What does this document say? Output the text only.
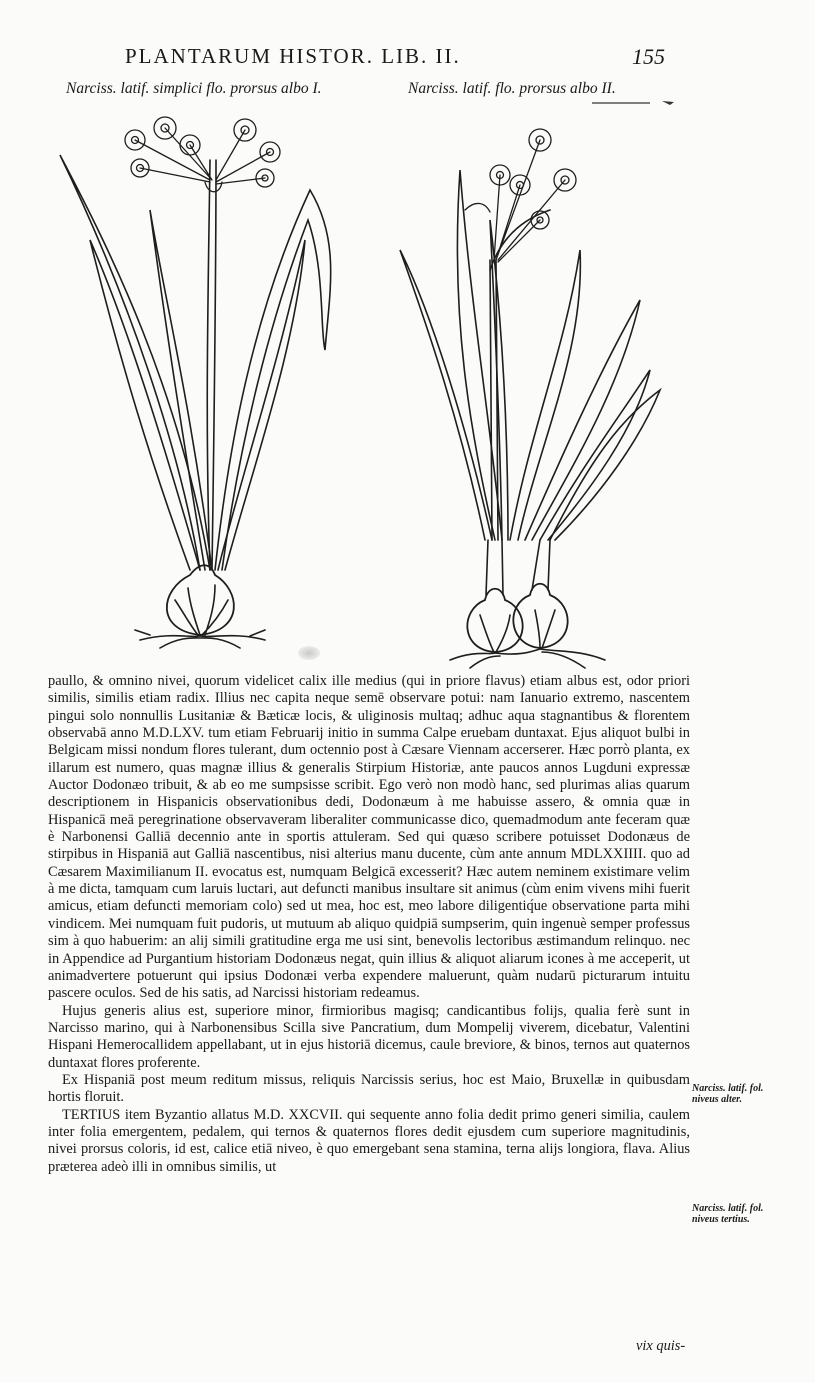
PLANTARUM HISTOR. LIB. II.	155
Narciss. latif. simplici flo. prorsus albo I.	Narciss. latif. flo. prorsus albo II.

paullo, & omnino nivei, quorum videlicet calix ille medius (qui in priore flavus) etiam albus est, odor priori similis, similis etiam radix. Illius nec capita neque semē observare potui: nam Ianuario extremo, nascentem pingui solo nonnullis Lusitaniæ & Bæticæ locis, & uliginosis multaq; adhuc aqua stagnantibus & florentem observabā anno M.D.LXV. tum etiam Februarij initio in summa Calpe eruebam duntaxat. Ejus aliquot bulbi in Belgicam missi nondum flores tulerant, dum octennio post à Cæsare Viennam accerserer. Hæc porrò planta, ex illarum est numero, quas magnæ illius & generalis Stirpium Historiæ, ante paucos annos Lugduni expressæ Auctor Dodonæo tribuit, & ab eo me sumpsisse scribit. Ego verò non modò hanc, sed plurimas alias quarum descriptionem in Hispanicis observationibus dedi, Dodonæum à me habuisse assero, & omnia quæ in Hispanicā meā peregrinatione observaveram liberaliter communicasse dico, quemadmodum ante feceram quæ è Narbonensi Galliā decennio ante in sportis attuleram. Sed qui quæso scribere potuisset Dodonæus de stirpibus in Hispaniā aut Galliā nascentibus, nisi alterius manu ducente, cùm ante annum MDLXXIIII. quo ad Cæsarem Maximilianum II. evocatus est, numquam Belgicā excesserit? Hæc autem neminem existimare velim à me dicta, tamquam cum laruis luctari, aut defuncti manibus insultare sit animus (cùm enim vivens mihi fuerit amicus, etiam defuncti memoriam colo) sed ut mea, hoc est, meo labore diligentiq́ue observatione parta mihi vindicem. Mei numquam fuit pudoris, ut mutuum ab aliquo quidpiā sumpserim, quin ingenuè semper professus sim à quo habuerim: an alij simili gratitudine erga me usi sint, benevolis lectoribus æstimandum relinquo. nec in Appendice ad Purgantium historiam Dodonæus negat, quin illius & aliquot aliarum icones à me acceperit, ut animadvertere potuerunt qui ipsius Dodonæi verba expendere maluerunt, quàm nudarū picturarum intuitu pascere oculos. Sed de his satis, ad Narcissi historiam redeamus.

Hujus generis alius est, superiore minor, firmioribus magisq; candicantibus folijs, qualia ferè sunt in Narcisso marino, qui à Narbonensibus Scilla sive Pancratium, dum Mompelij viverem, dicebatur, Valentini Hispani Hemerocallidem appellabant, ut in ejus historiā dicemus, caule breviore, & binos, ternos aut quaternos duntaxat flores proferente.

Ex Hispaniā post meum reditum missus, reliquis Narcissis serius, hoc est Maio, Bruxellæ in quibusdam hortis floruit.

TERTIUS item Byzantio allatus M.D. XXCVII. qui sequente anno folia dedit primo generi similia, caulem inter folia emergentem, pedalem, qui ternos & quaternos flores dedit ejusdem cum superiore magnitudinis, nivei prorsus coloris, id est, calice etiā niveo, è quo emergebant sena stamina, terna alijs longiora, flava. Alius præterea adeò illi in omnibus similis, ut

Narciss. latif. fol. niveus alter.
Narciss. latif. fol. niveus tertius.
vix quis-
